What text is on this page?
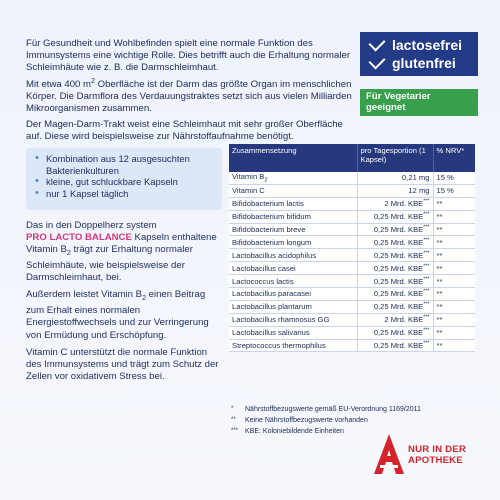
Für Gesundheit und Wohlbefinden spielt eine normale Funktion des Immunsystems eine wichtige Rolle. Dies betrifft auch die Erhaltung normaler Schleimhäute wie z. B. die Darmschleimhaut.

Mit etwa 400 $m^2$ Oberfläche ist der Darm das größte Organ im menschlichen Körper. Die Darmflora des Verdauungstraktes setzt sich aus vielen Milliarden Mikroorganismen zusammen.

Der Magen-Darm-Trakt weist eine Schleimhaut mit sehr großer Oberfläche auf. Diese wird beispielsweise zur Nährstoffaufnahme benötigt.

lactosefrei
glutenfrei
Für Vegetarier geeignet
• Kombination aus 12 ausgesuchten Bakterienkulturen
• kleine, gut schluckbare Kapseln
• nur 1 Kapsel täglich

Das in den Doppelherz system
PRO LACTO BALANCE Kapseln enthaltene Vitamin $B_2$ trägt zur Erhaltung normaler Schleimhäute, wie beispielsweise der Darmschleimhaut, bei.

Außerdem leistet Vitamin $B_2$ einen Beitrag zum Erhalt eines normalen Energiestoffwechsels und zur Verringerung von Ermüdung und Erschöpfung.

Vitamin C unterstützt die normale Funktion des Immunsystems und trägt zum Schutz der Zellen vor oxidativem Stress bei.

Zusammensetzung	pro Tagesportion (1 Kapsel)	% NRV*
Vitamin $B_2$	0,21 mg	15 %
Vitamin C	12 mg	15 %
Bifidobacterium lactis	2 Mrd. KBE***	**
Bifidobacterium bifidum	0,25 Mrd. KBE***	**
Bifidobacterium breve	0,25 Mrd. KBE***	**
Bifidobacterium longum	0,25 Mrd. KBE***	**
Lactobacillus acidophilus	0,25 Mrd. KBE***	**
Lactobacillus casei	0,25 Mrd. KBE***	**
Lactococcus lactis	0,25 Mrd. KBE***	**
Lactobacillus paracasei	0,25 Mrd. KBE***	**
Lactobacillus plantarum	0,25 Mrd. KBE***	**
Lactobacillus rhamnosus GG	2 Mrd. KBE***	**
Lactobacillus salivarius	0,25 Mrd. KBE***	**
Streptococcus thermophilus	0,25 Mrd. KBE***	**

* Nährstoffbezugswerte gemäß EU-Verordnung 1169/2011

** Keine Nährstoffbezugswerte vorhanden

*** KBE: Koloniebildende Einheiten

NUR IN DER
APOTHEKE
